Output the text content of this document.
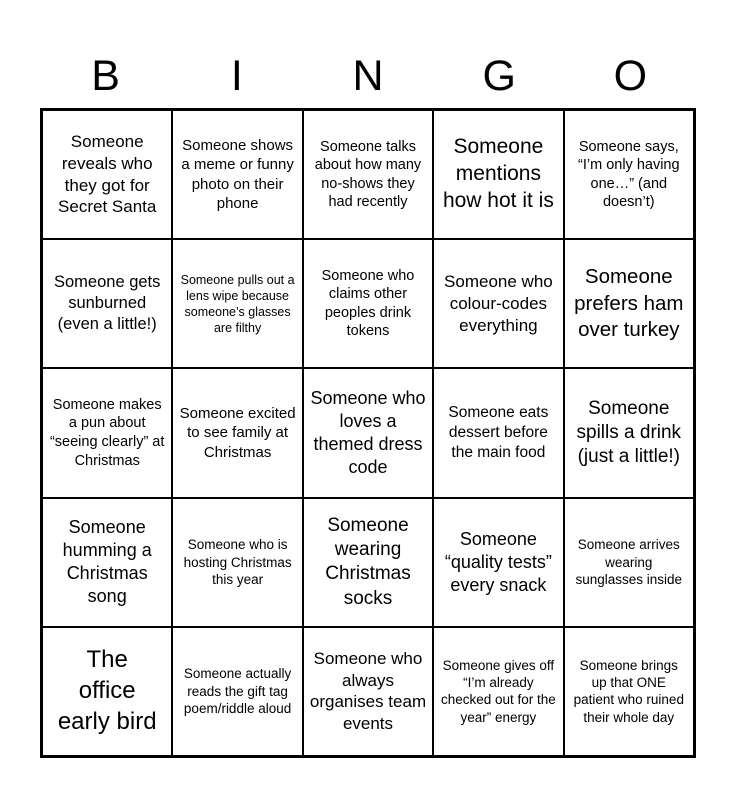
B	I	N	G	O
Someone reveals who they got for Secret Santa
Someone shows a meme or funny photo on their phone
Someone talks about how many no-shows they had recently
Someone mentions how hot it is
Someone says, “I’m only having one…” (and doesn’t)
Someone gets sunburned (even a little!)
Someone pulls out a lens wipe because someone’s glasses are filthy
Someone who claims other peoples drink tokens
Someone who colour-codes everything
Someone prefers ham over turkey
Someone makes a pun about “seeing clearly” at Christmas
Someone excited to see family at Christmas
Someone who loves a themed dress code
Someone eats dessert before the main food
Someone spills a drink (just a little!)
Someone humming a Christmas song
Someone who is hosting Christmas this year
Someone wearing Christmas socks
Someone “quality tests” every snack
Someone arrives wearing sunglasses inside
The office early bird
Someone actually reads the gift tag poem/riddle aloud
Someone who always organises team events
Someone gives off “I’m already checked out for the year” energy
Someone brings up that ONE patient who ruined their whole day
